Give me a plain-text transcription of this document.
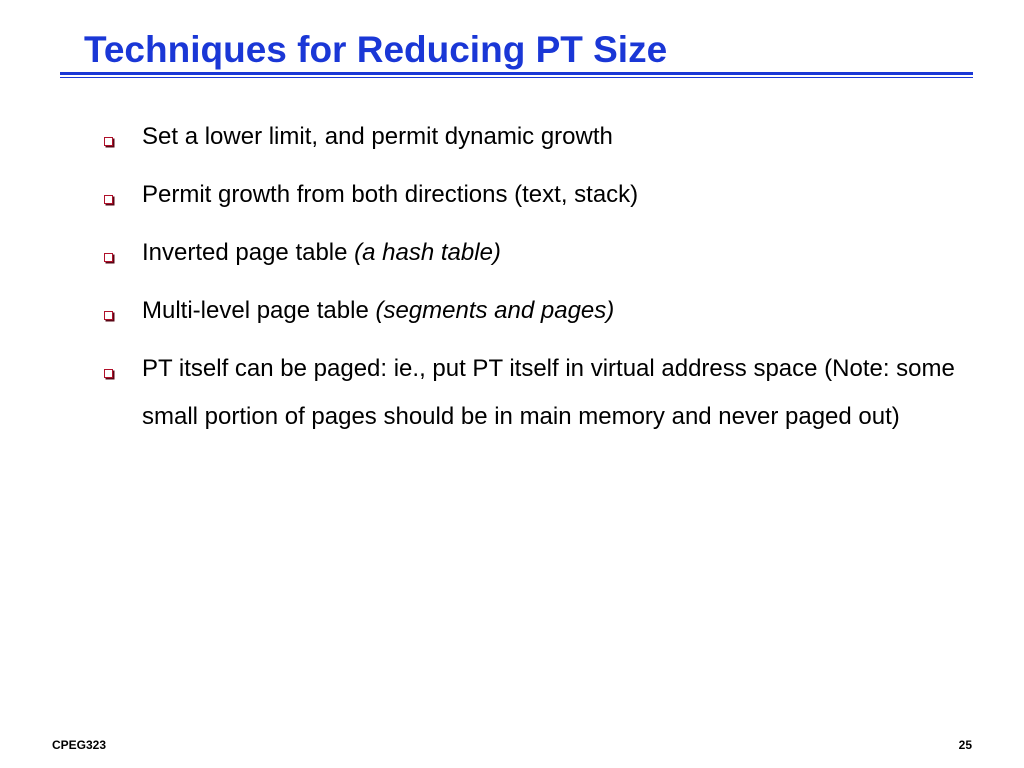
Techniques for Reducing PT Size
Set a lower limit, and permit dynamic growth
Permit growth from both directions (text, stack)
Inverted page table (a hash table)
Multi-level page table (segments and pages)
PT itself can be paged: ie., put PT itself in virtual address space (Note: some small portion of pages should be in main memory and never paged out)
CPEG323	25
